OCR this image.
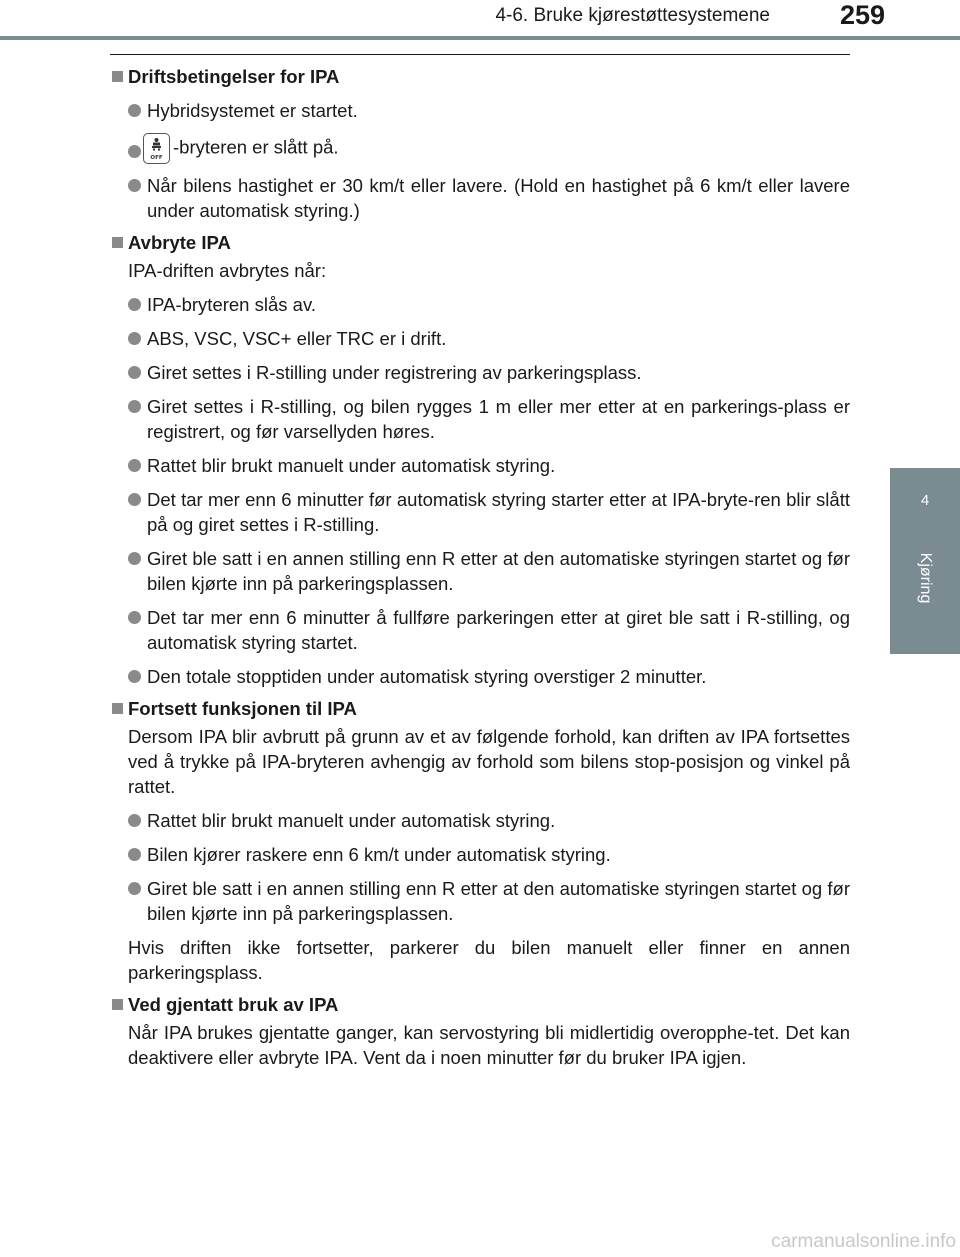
4-6. Bruke kjørestøttesystemene	259
4
Kjøring
Driftsbetingelser for IPA
Hybridsystemet er startet.
OFF
-bryteren er slått på.
Når bilens hastighet er 30 km/t eller lavere. (Hold en hastighet på 6 km/t eller lavere under automatisk styring.)
Avbryte IPA
IPA-driften avbrytes når:
IPA-bryteren slås av.
ABS, VSC, VSC+ eller TRC er i drift.
Giret settes i R-stilling under registrering av parkeringsplass.
Giret settes i R-stilling, og bilen rygges 1 m eller mer etter at en parkerings-plass er registrert, og før varsellyden høres.
Rattet blir brukt manuelt under automatisk styring.
Det tar mer enn 6 minutter før automatisk styring starter etter at IPA-bryte-ren blir slått på og giret settes i R-stilling.
Giret ble satt i en annen stilling enn R etter at den automatiske styringen startet og før bilen kjørte inn på parkeringsplassen.
Det tar mer enn 6 minutter å fullføre parkeringen etter at giret ble satt i R-stilling, og automatisk styring startet.
Den totale stopptiden under automatisk styring overstiger 2 minutter.
Fortsett funksjonen til IPA
Dersom IPA blir avbrutt på grunn av et av følgende forhold, kan driften av IPA fortsettes ved å trykke på IPA-bryteren avhengig av forhold som bilens stop-posisjon og vinkel på rattet.
Rattet blir brukt manuelt under automatisk styring.
Bilen kjører raskere enn 6 km/t under automatisk styring.
Giret ble satt i en annen stilling enn R etter at den automatiske styringen startet og før bilen kjørte inn på parkeringsplassen.
Hvis driften ikke fortsetter, parkerer du bilen manuelt eller finner en annen parkeringsplass.
Ved gjentatt bruk av IPA
Når IPA brukes gjentatte ganger, kan servostyring bli midlertidig overopphe-tet. Det kan deaktivere eller avbryte IPA. Vent da i noen minutter før du bruker IPA igjen.
carmanualsonline.info
